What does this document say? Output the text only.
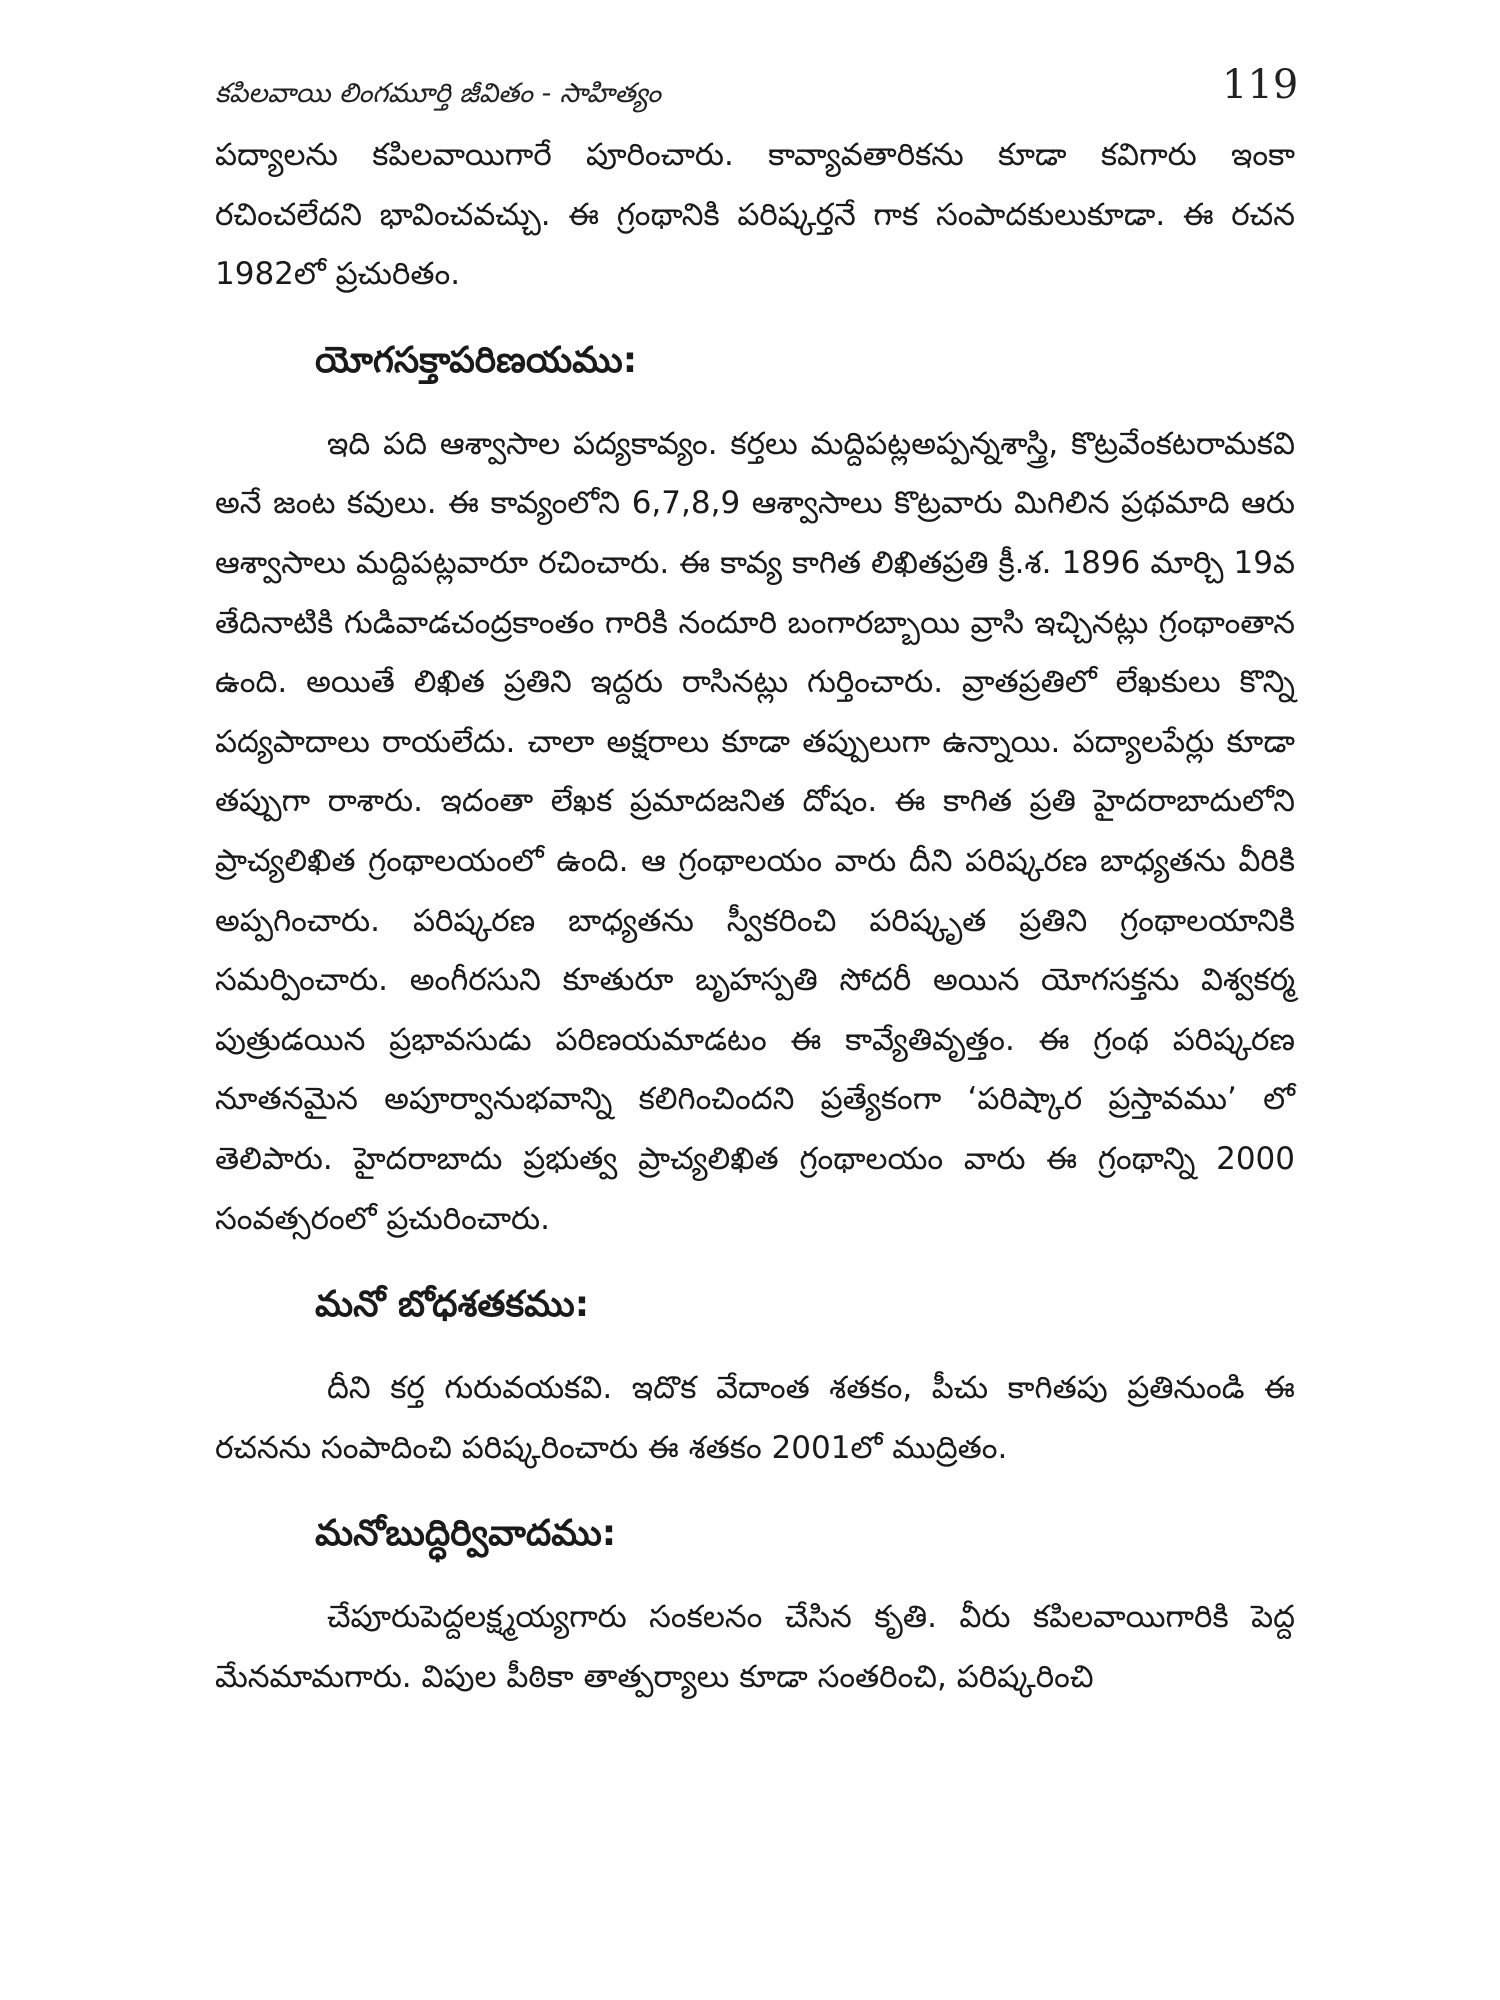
కపిలవాయి లింగమూర్తి జీవితం - సాహిత్యం	119

పద్యాలను కపిలవాయిగారే పూరించారు. కావ్యావతారికను కూడా కవిగారు ఇంకా రచించలేదని భావించవచ్చు. ఈ గ్రంథానికి పరిష్కర్తనే గాక సంపాదకులుకూడా. ఈ రచన 1982లో ప్రచురితం.

యోగసక్తాపరిణయము:

ఇది పది ఆశ్వాసాల పద్యకావ్యం. కర్తలు మద్దిపట్లఅప్పన్నశాస్త్రి, కొట్రవేంకటరామకవి అనే జంట కవులు. ఈ కావ్యంలోని 6,7,8,9 ఆశ్వాసాలు కొట్రవారు మిగిలిన ప్రథమాది ఆరు ఆశ్వాసాలు మద్దిపట్లవారూ రచించారు. ఈ కావ్య కాగిత లిఖితప్రతి క్రీ.శ. 1896 మార్చి 19వ తేదినాటికి గుడివాడచంద్రకాంతం గారికి నందూరి బంగారబ్బాయి వ్రాసి ఇచ్చినట్లు గ్రంథాంతాన ఉంది. అయితే లిఖిత ప్రతిని ఇద్దరు రాసినట్లు గుర్తించారు. వ్రాతప్రతిలో లేఖకులు కొన్ని పద్యపాదాలు రాయలేదు. చాలా అక్షరాలు కూడా తప్పులుగా ఉన్నాయి. పద్యాలపేర్లు కూడా తప్పుగా రాశారు. ఇదంతా లేఖక ప్రమాదజనిత దోషం. ఈ కాగిత ప్రతి హైదరాబాదులోని ప్రాచ్యలిఖిత గ్రంథాలయంలో ఉంది. ఆ గ్రంథాలయం వారు దీని పరిష్కరణ బాధ్యతను వీరికి అప్పగించారు. పరిష్కరణ బాధ్యతను స్వీకరించి పరిష్కృత ప్రతిని గ్రంథాలయానికి సమర్పించారు. అంగీరసుని కూతురూ బృహస్పతి సోదరీ అయిన యోగసక్తను విశ్వకర్మ పుత్రుడయిన ప్రభావసుడు పరిణయమాడటం ఈ కావ్యేతివృత్తం. ఈ గ్రంథ పరిష్కరణ నూతనమైన అపూర్వానుభవాన్ని కలిగించిందని ప్రత్యేకంగా ‘పరిష్కార ప్రస్తావము’ లో తెలిపారు. హైదరాబాదు ప్రభుత్వ ప్రాచ్యలిఖిత గ్రంథాలయం వారు ఈ గ్రంథాన్ని 2000 సంవత్సరంలో ప్రచురించారు.

మనో బోధశతకము:

దీని కర్త గురువయకవి. ఇదొక వేదాంత శతకం, పీచు కాగితపు ప్రతినుండి ఈ రచనను సంపాదించి పరిష్కరించారు ఈ శతకం 2001లో ముద్రితం.

మనోబుద్ధిర్వివాదము:

చేపూరుపెద్దలక్ష్మయ్యగారు సంకలనం చేసిన కృతి. వీరు కపిలవాయిగారికి పెద్ద మేనమామగారు. విపుల పీఠికా తాత్పర్యాలు కూడా సంతరించి, పరిష్కరించి
